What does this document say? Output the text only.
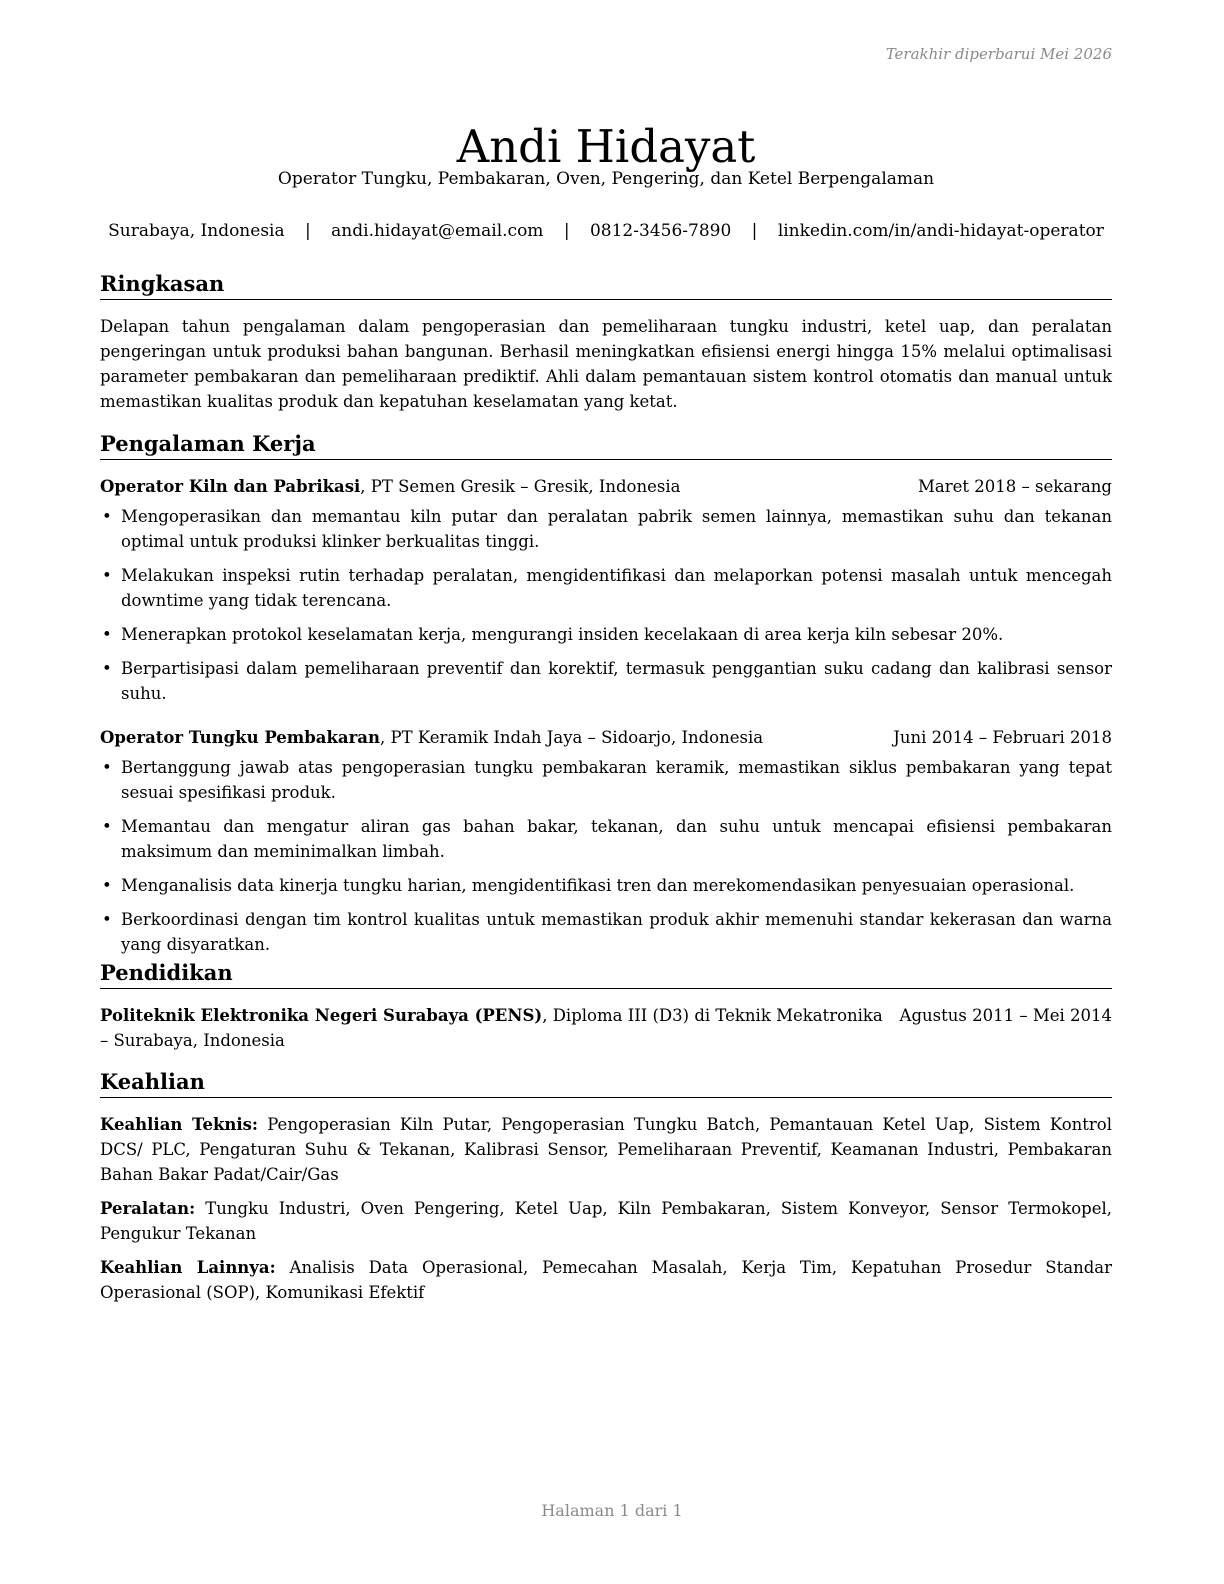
Terakhir diperbarui Mei 2026
Andi Hidayat
Operator Tungku, Pembakaran, Oven, Pengering, dan Ketel Berpengalaman
Surabaya, Indonesia | andi.hidayat@email.com | 0812-3456-7890 | linkedin.com/in/andi-hidayat-operator
Ringkasan
Delapan tahun pengalaman dalam pengoperasian dan pemeliharaan tungku industri, ketel uap, dan peralatan pengeringan untuk produksi bahan bangunan. Berhasil meningkatkan efisiensi energi hingga 15% melalui optimalisasi parameter pembakaran dan pemeliharaan prediktif. Ahli dalam pemantauan sistem kontrol otomatis dan manual untuk memastikan kualitas produk dan kepatuhan keselamatan yang ketat.
Pengalaman Kerja
Operator Kiln dan Pabrikasi, PT Semen Gresik – Gresik, Indonesia	Maret 2018 – sekarang
• Mengoperasikan dan memantau kiln putar dan peralatan pabrik semen lainnya, memastikan suhu dan tekanan optimal untuk produksi klinker berkualitas tinggi.
• Melakukan inspeksi rutin terhadap peralatan, mengidentifikasi dan melaporkan potensi masalah untuk mencegah downtime yang tidak terencana.
• Menerapkan protokol keselamatan kerja, mengurangi insiden kecelakaan di area kerja kiln sebesar 20%.
• Berpartisipasi dalam pemeliharaan preventif dan korektif, termasuk penggantian suku cadang dan kalibrasi sensor suhu.
Operator Tungku Pembakaran, PT Keramik Indah Jaya – Sidoarjo, Indonesia	Juni 2014 – Februari 2018
• Bertanggung jawab atas pengoperasian tungku pembakaran keramik, memastikan siklus pembakaran yang tepat sesuai spesifikasi produk.
• Memantau dan mengatur aliran gas bahan bakar, tekanan, dan suhu untuk mencapai efisiensi pembakaran maksimum dan meminimalkan limbah.
• Menganalisis data kinerja tungku harian, mengidentifikasi tren dan merekomendasikan penyesuaian operasional.
• Berkoordinasi dengan tim kontrol kualitas untuk memastikan produk akhir memenuhi standar kekerasan dan warna yang disyaratkan.
Pendidikan
Politeknik Elektronika Negeri Surabaya (PENS), Diploma III (D3) di Teknik Mekatronika	Agustus 2011 – Mei 2014
– Surabaya, Indonesia
Keahlian
Keahlian Teknis: Pengoperasian Kiln Putar, Pengoperasian Tungku Batch, Pemantauan Ketel Uap, Sistem Kontrol DCS/ PLC, Pengaturan Suhu & Tekanan, Kalibrasi Sensor, Pemeliharaan Preventif, Keamanan Industri, Pembakaran Bahan Bakar Padat/Cair/Gas
Peralatan: Tungku Industri, Oven Pengering, Ketel Uap, Kiln Pembakaran, Sistem Konveyor, Sensor Termokopel, Pengukur Tekanan
Keahlian Lainnya: Analisis Data Operasional, Pemecahan Masalah, Kerja Tim, Kepatuhan Prosedur Standar Operasional (SOP), Komunikasi Efektif
Halaman 1 dari 1
